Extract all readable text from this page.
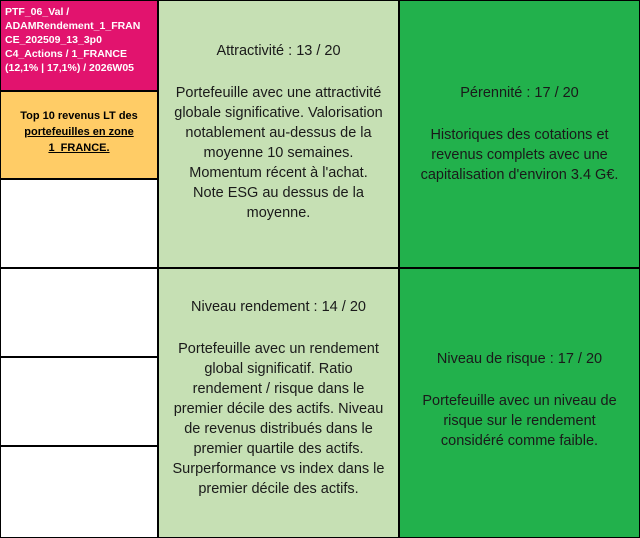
PTF_06_Val /
ADAMRendement_1_FRAN
CE_202509_13_3p0
C4_Actions / 1_FRANCE
(12,1% | 17,1%) / 2026W05
Top 10 revenus LT des
portefeuilles en zone
1_FRANCE.
Attractivité : 13 / 20
Portefeuille avec une attractivité
globale significative. Valorisation
notablement au-dessus de la
moyenne 10 semaines.
Momentum récent à l'achat.
Note ESG au dessus de la
moyenne.
Pérennité : 17 / 20
Historiques des cotations et
revenus complets avec une
capitalisation d'environ 3.4 G€.
Niveau rendement : 14 / 20
Portefeuille avec un rendement
global significatif. Ratio
rendement / risque dans le
premier décile des actifs. Niveau
de revenus distribués dans le
premier quartile des actifs.
Surperformance vs index dans le
premier décile des actifs.
Niveau de risque : 17 / 20
Portefeuille avec un niveau de
risque sur le rendement
considéré comme faible.
